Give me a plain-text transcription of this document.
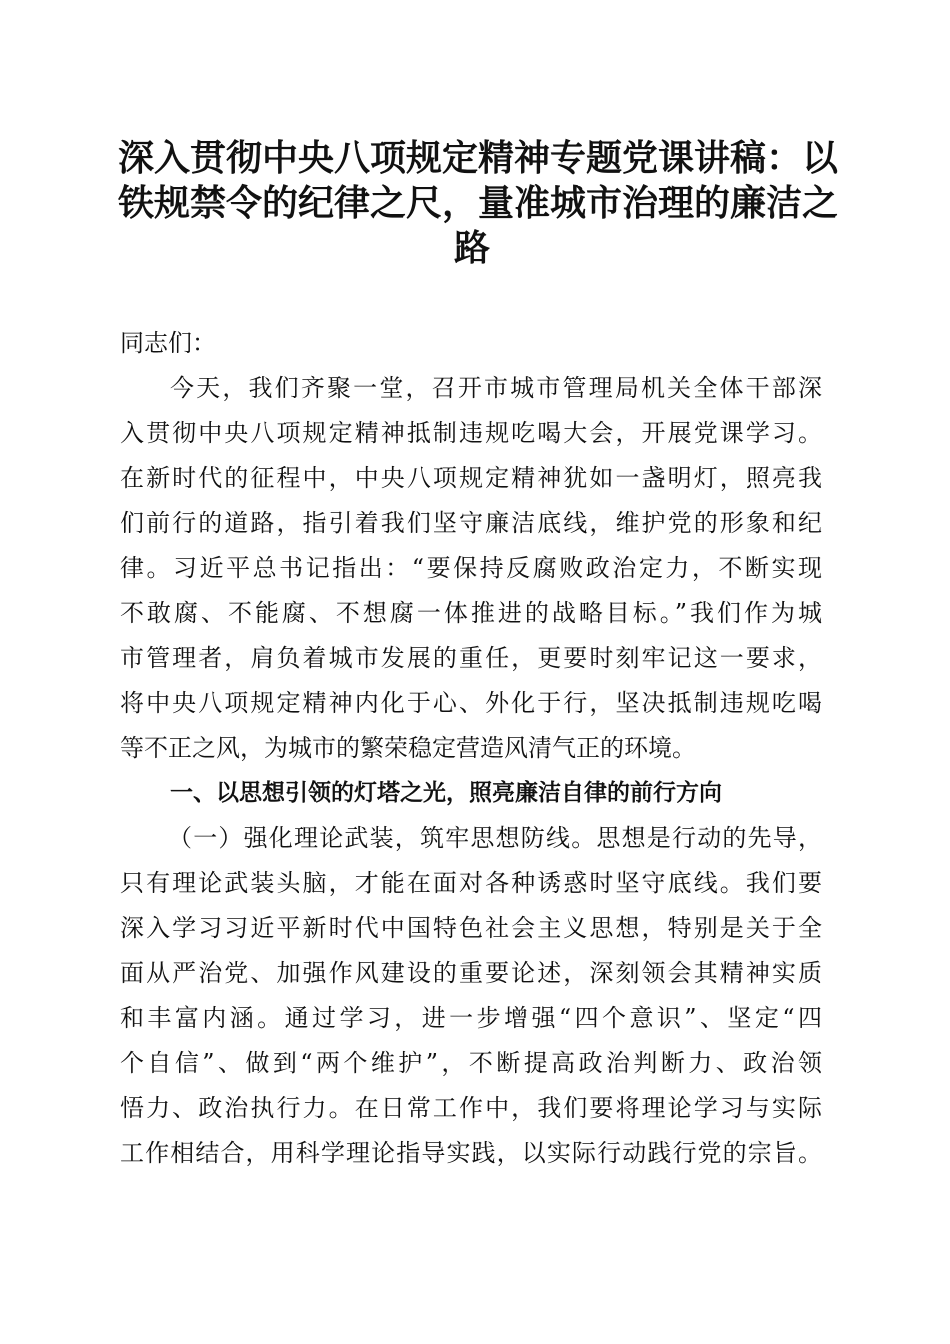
深入贯彻中央八项规定精神专题党课讲稿：以
铁规禁令的纪律之尺，量准城市治理的廉洁之
路
同志们：
今天，我们齐聚一堂，召开市城市管理局机关全体干部深
入贯彻中央八项规定精神抵制违规吃喝大会，开展党课学习。
在新时代的征程中，中央八项规定精神犹如一盏明灯，照亮我
们前行的道路，指引着我们坚守廉洁底线，维护党的形象和纪
律。习近平总书记指出：“要保持反腐败政治定力，不断实现
不敢腐、不能腐、不想腐一体推进的战略目标。”我们作为城
市管理者，肩负着城市发展的重任，更要时刻牢记这一要求，
将中央八项规定精神内化于心、外化于行，坚决抵制违规吃喝
等不正之风，为城市的繁荣稳定营造风清气正的环境。
一、以思想引领的灯塔之光，照亮廉洁自律的前行方向
（一）强化理论武装，筑牢思想防线。思想是行动的先导，
只有理论武装头脑，才能在面对各种诱惑时坚守底线。我们要
深入学习习近平新时代中国特色社会主义思想，特别是关于全
面从严治党、加强作风建设的重要论述，深刻领会其精神实质
和丰富内涵。通过学习，进一步增强“四个意识”、坚定“四
个自信”、做到“两个维护”，不断提高政治判断力、政治领
悟力、政治执行力。在日常工作中，我们要将理论学习与实际
工作相结合，用科学理论指导实践，以实际行动践行党的宗旨。
